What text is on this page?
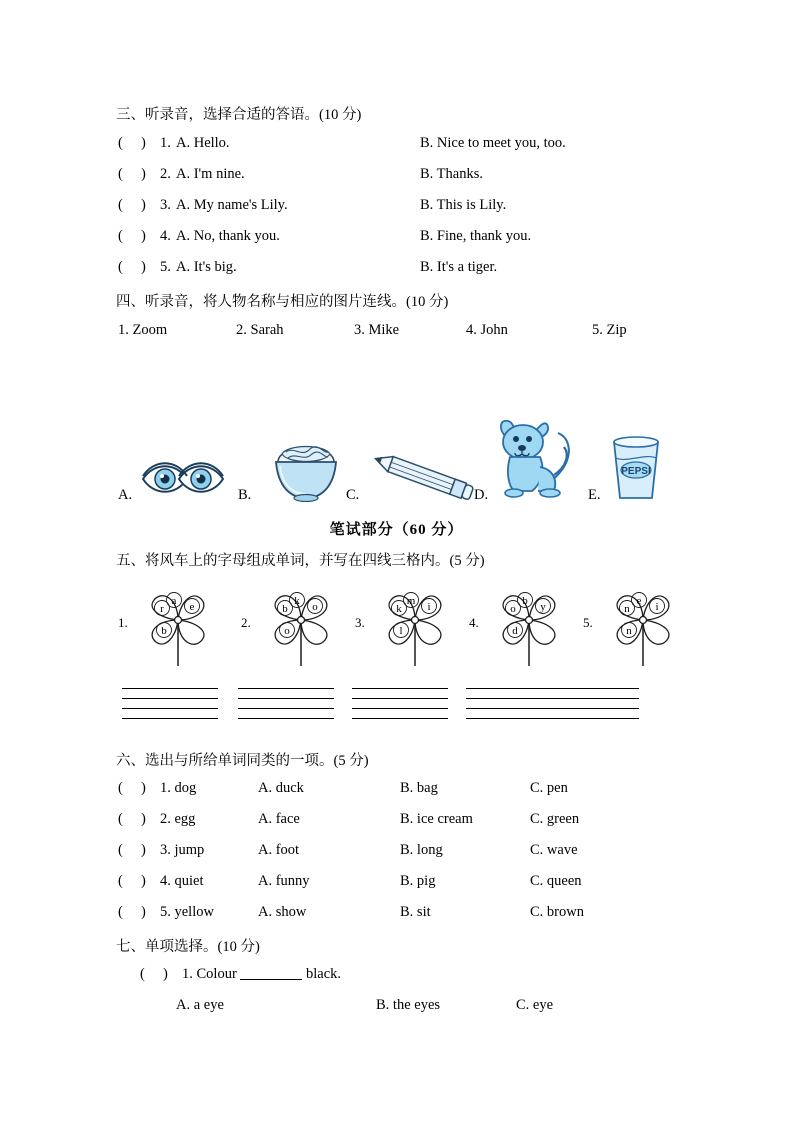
三、听录音，选择合适的答语。(10 分)
(     ) 1. A. Hello.	B. Nice to meet you, too.
(     ) 2. A. I'm nine.	B. Thanks.
(     ) 3. A. My name's Lily.	B. This is Lily.
(     ) 4. A. No, thank you.	B. Fine, thank you.
(     ) 5. A. It's big.	B. It's a tiger.
四、听录音，将人物名称与相应的图片连线。(10 分)
1. Zoom	2. Sarah	3. Mike	4. John	5. Zip
PEPSI
A.	B.	C.	D.	E.
笔试部分（60 分）
五、将风车上的字母组成单词，并写在四线三格内。(5 分)
1.
a e
r
b
2.
k o
b
o
3.
m i
k
l
4.
b y
o
d
5.
e i
n
n
六、选出与所给单词同类的一项。(5 分)
(     ) 1. dog	A. duck	B. bag	C. pen
(     ) 2. egg	A. face	B. ice cream	C. green
(     ) 3. jump	A. foot	B. long	C. wave
(     ) 4. quiet	A. funny	B. pig	C. queen
(     ) 5. yellow	A. show	B. sit	C. brown
七、单项选择。(10 分)
(     ) 1. Colour	black.
A. a eye	B. the eyes	C. eye
